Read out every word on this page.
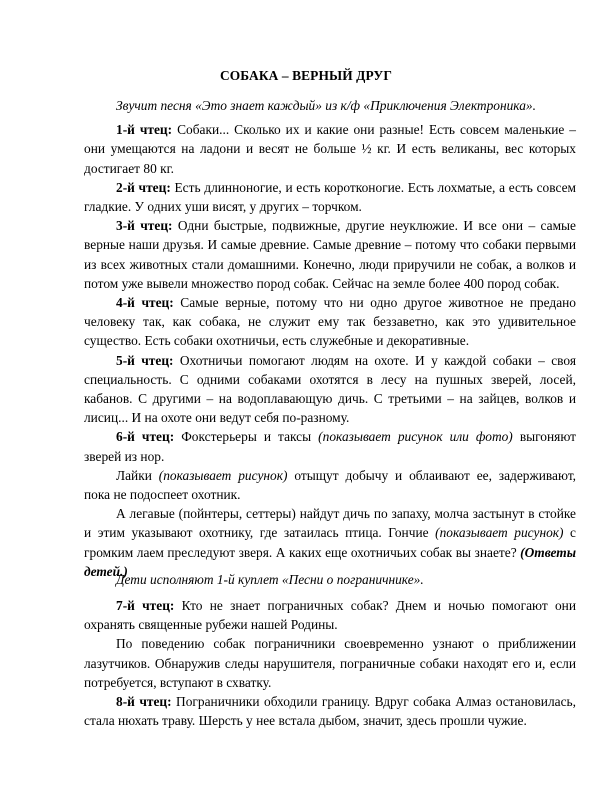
СОБАКА – ВЕРНЫЙ ДРУГ

Звучит песня «Это знает каждый» из к/ф «Приключения Электроника».

1-й чтец: Собаки... Сколько их и какие они разные! Есть совсем маленькие – они умещаются на ладони и весят не больше ½ кг. И есть великаны, вес которых достигает 80 кг.

2-й чтец: Есть длинноногие, и есть коротконогие. Есть лохматые, а есть совсем гладкие. У одних уши висят, у других – торчком.

3-й чтец: Одни быстрые, подвижные, другие неуклюжие. И все они – самые верные наши друзья. И самые древние. Самые древние – потому что собаки первыми из всех животных стали домашними. Конечно, люди приручили не собак, а волков и потом уже вывели множество пород собак. Сейчас на земле более 400 пород собак.

4-й чтец: Самые верные, потому что ни одно другое животное не предано человеку так, как собака, не служит ему так беззаветно, как это удивительное существо. Есть собаки охотничьи, есть служебные и декоративные.

5-й чтец: Охотничьи помогают людям на охоте. И у каждой собаки – своя специальность. С одними собаками охотятся в лесу на пушных зверей, лосей, кабанов. С другими – на водоплавающую дичь. С третьими – на зайцев, волков и лисиц... И на охоте они ведут себя по-разному.

6-й чтец: Фокстерьеры и таксы (показывает рисунок или фото) выгоняют зверей из нор.

Лайки (показывает рисунок) отыщут добычу и облаивают ее, задерживают, пока не подоспеет охотник.

А легавые (пойнтеры, сеттеры) найдут дичь по запаху, молча застынут в стойке и этим указывают охотнику, где затаилась птица. Гончие (показывает рисунок) с громким лаем преследуют зверя. А каких еще охотничьих собак вы знаете? (Ответы детей.)

Дети исполняют 1-й куплет «Песни о пограничнике».

7-й чтец: Кто не знает пограничных собак? Днем и ночью помогают они охранять священные рубежи нашей Родины.

По поведению собак пограничники своевременно узнают о приближении лазутчиков. Обнаружив следы нарушителя, пограничные собаки находят его и, если потребуется, вступают в схватку.

8-й чтец: Пограничники обходили границу. Вдруг собака Алмаз остановилась, стала нюхать траву. Шерсть у нее встала дыбом, значит, здесь прошли чужие.
